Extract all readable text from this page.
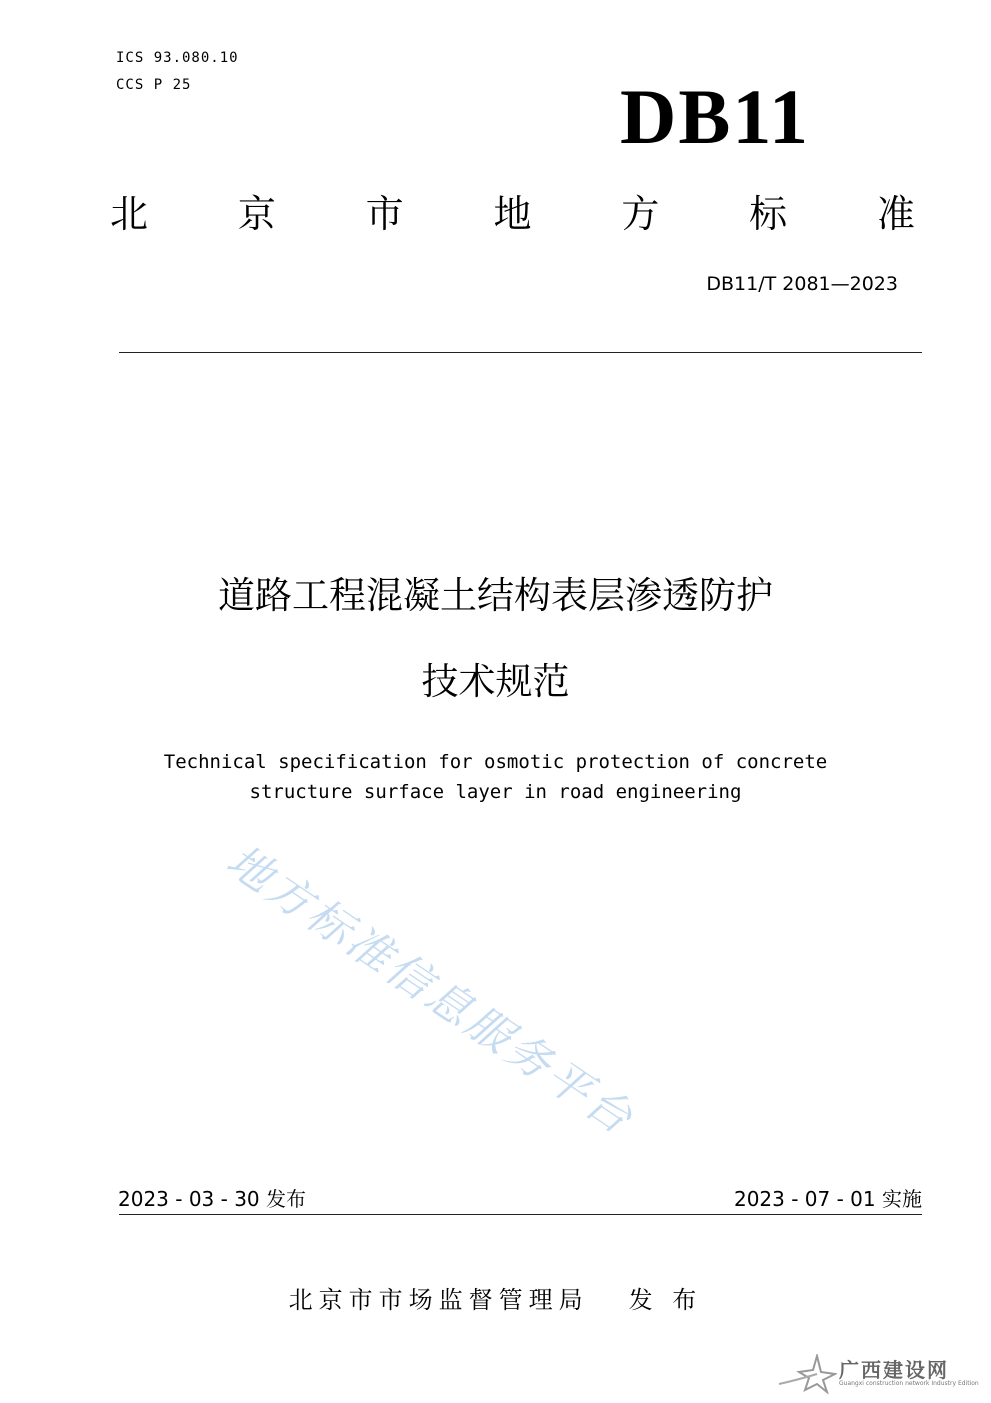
ICS 93.080.10
CCS P 25	DB11
北 京 市 地 方 标 准
DB11/T 2081—2023
道路工程混凝土结构表层渗透防护
技术规范
Technical specification for osmotic protection of concrete
structure surface layer in road engineering
地方标准信息服务平台
2023 - 03 - 30 发布	2023 - 07 - 01 实施
北京市市场监督管理局 发 布
广西建设网
Guangxi construction network Industry Edition
